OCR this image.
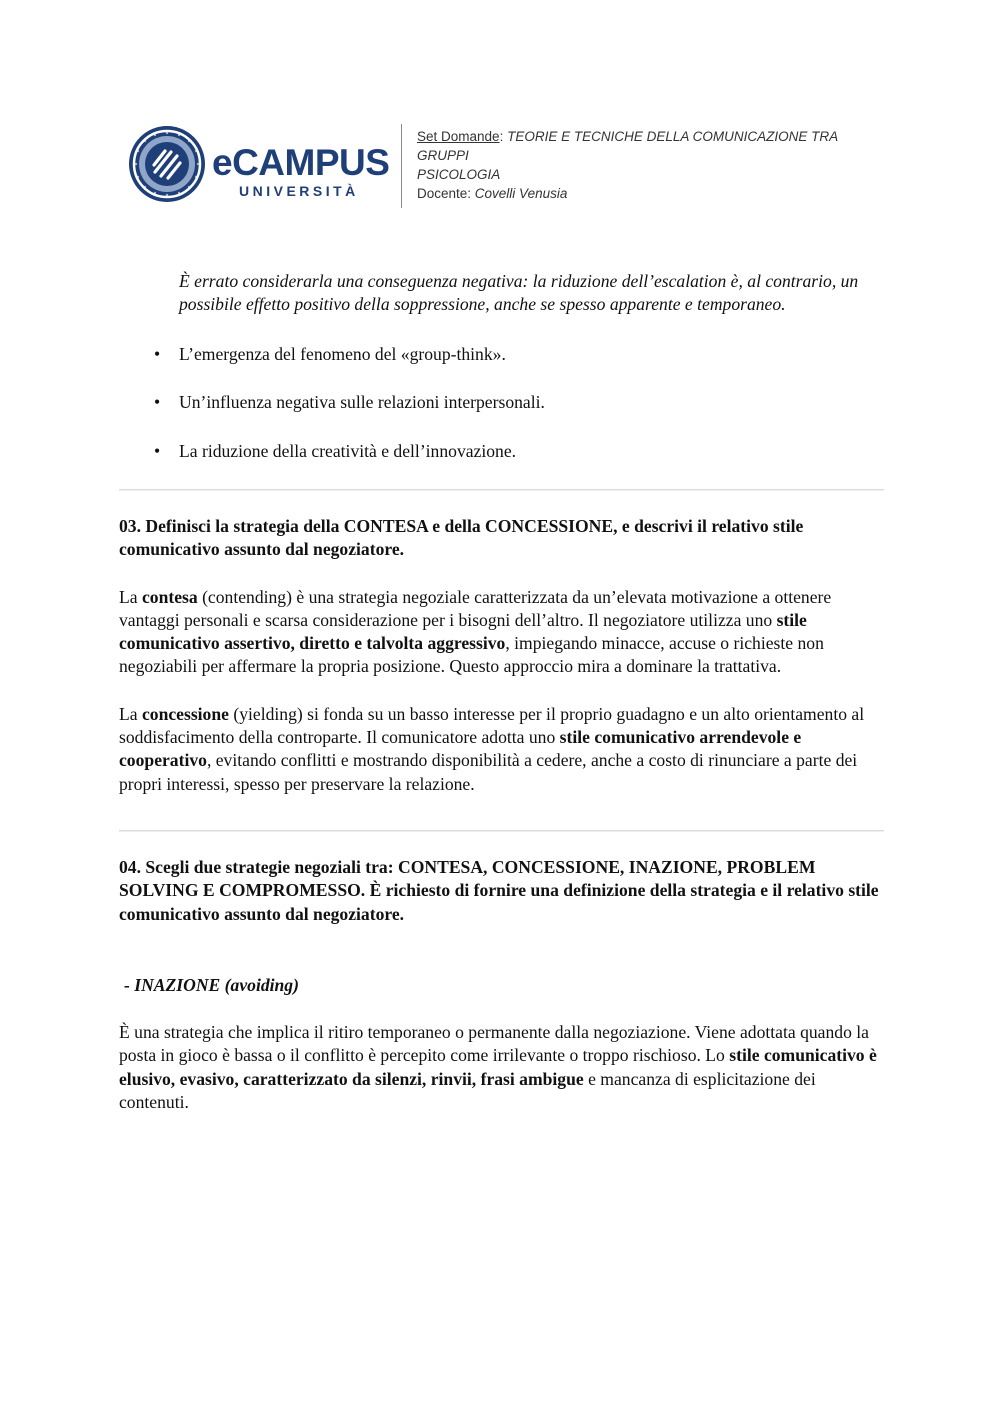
eCAMPUS
UNIVERSITÀ
Set Domande: TEORIE E TECNICHE DELLA COMUNICAZIONE TRA GRUPPI
PSICOLOGIA
Docente: Covelli Venusia

È errato considerarla una conseguenza negativa: la riduzione dell’escalation è, al contrario, un possibile effetto positivo della soppressione, anche se spesso apparente e temporaneo.

• L’emergenza del fenomeno del «group-think».
• Un’influenza negativa sulle relazioni interpersonali.
• La riduzione della creatività e dell’innovazione.

03. Definisci la strategia della CONTESA e della CONCESSIONE, e descrivi il relativo stile comunicativo assunto dal negoziatore.

La contesa (contending) è una strategia negoziale caratterizzata da un’elevata motivazione a ottenere vantaggi personali e scarsa considerazione per i bisogni dell’altro. Il negoziatore utilizza uno stile comunicativo assertivo, diretto e talvolta aggressivo, impiegando minacce, accuse o richieste non negoziabili per affermare la propria posizione. Questo approccio mira a dominare la trattativa.

La concessione (yielding) si fonda su un basso interesse per il proprio guadagno e un alto orientamento al soddisfacimento della controparte. Il comunicatore adotta uno stile comunicativo arrendevole e cooperativo, evitando conflitti e mostrando disponibilità a cedere, anche a costo di rinunciare a parte dei propri interessi, spesso per preservare la relazione.

04. Scegli due strategie negoziali tra: CONTESA, CONCESSIONE, INAZIONE, PROBLEM SOLVING E COMPROMESSO. È richiesto di fornire una definizione della strategia e il relativo stile comunicativo assunto dal negoziatore.

- INAZIONE (avoiding)

È una strategia che implica il ritiro temporaneo o permanente dalla negoziazione. Viene adottata quando la posta in gioco è bassa o il conflitto è percepito come irrilevante o troppo rischioso. Lo stile comunicativo è elusivo, evasivo, caratterizzato da silenzi, rinvii, frasi ambigue e mancanza di esplicitazione dei contenuti.
